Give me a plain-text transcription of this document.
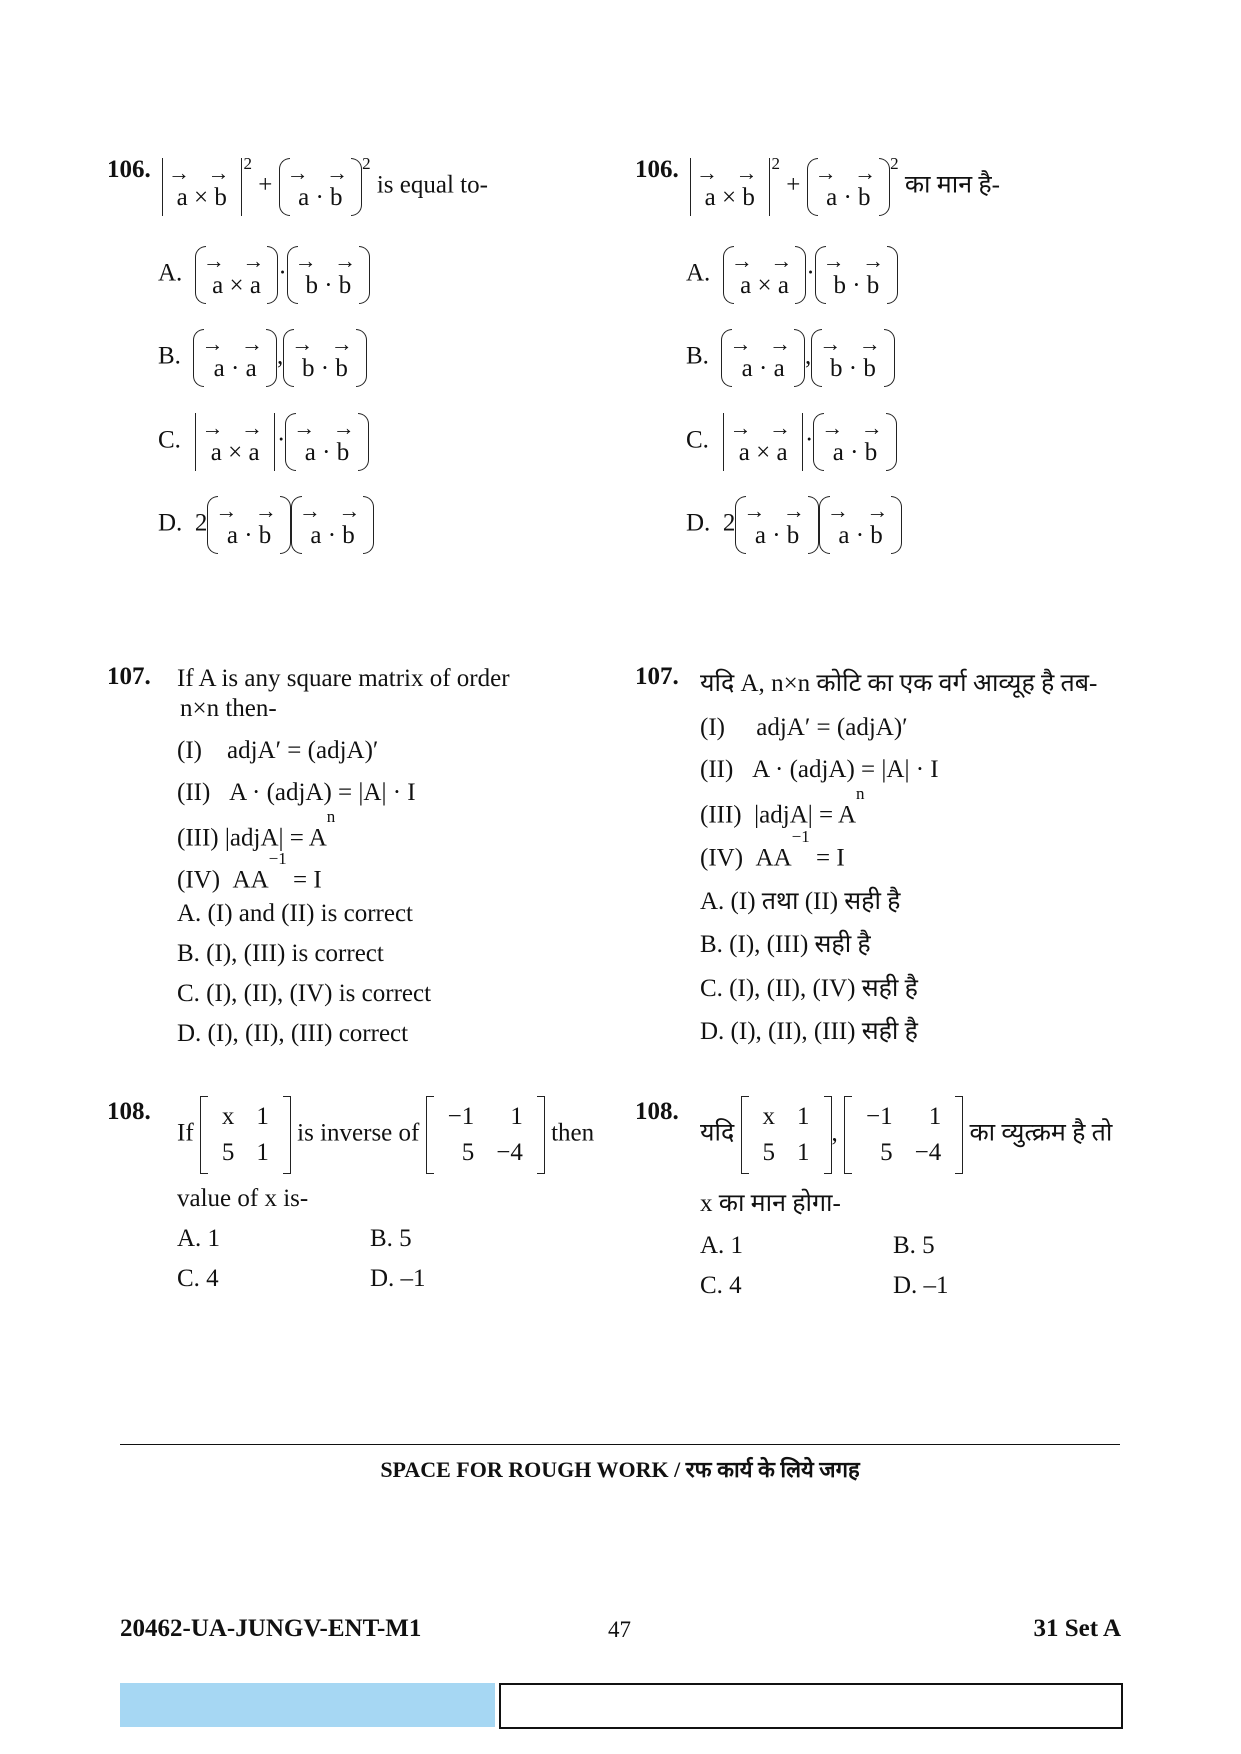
106. → →
a × b
$^2$ + → →
a · b
$^2$ is equal to-
A. → →
a × a · → →
b · b
B. → →
a · a , → →
b · b
C. → →
a × a · → →
a · b
D. 2 → →
a · b
→ →
a · b
107. If A is any square matrix of order
n×n then-
(I) adjA′ = (adjA)′
(II) A · (adjA) = |A| · I
(III) |adjA| = $A^n$
(IV) $AA^{-1} = I$
A. (I) and (II) is correct
B. (I), (III) is correct
C. (I), (II), (IV) is correct
D. (I), (II), (III) correct
108.
If
x 1
5 1
is inverse of
−1	1
5 −4
then
value of x is-
A. 1	B. 5
C. 4	D. –1
106. → →
a × b
$^2$ + → →
a · b
$^2$ का मान है-
A. → →
a × a · → →
b · b
B. → →
a · a , → →
b · b
C. → →
a × a · → →
a · b
D. 2 → →
a · b
→ →
a · b
107. यदि A, n×n कोटि का एक वर्ग आव्यूह है तब-
(I) adjA′ = (adjA)′
(II) A · (adjA) = |A| · I
(III) |adjA| = $A^n$
(IV) $AA^{-1} = I$
A. (I) तथा (II) सही है
B. (I), (III) सही है
C. (I), (II), (IV) सही है
D. (I), (II), (III) सही है
108.
यदि
x 1
5 1
,
−1	1
5 −4
का व्युत्क्रम है तो
x का मान होगा-
A. 1	B. 5
C. 4	D. –1
SPACE FOR ROUGH WORK / रफ कार्य के लिये जगह
20462-UA-JUNGV-ENT-M1	47	31 Set A
